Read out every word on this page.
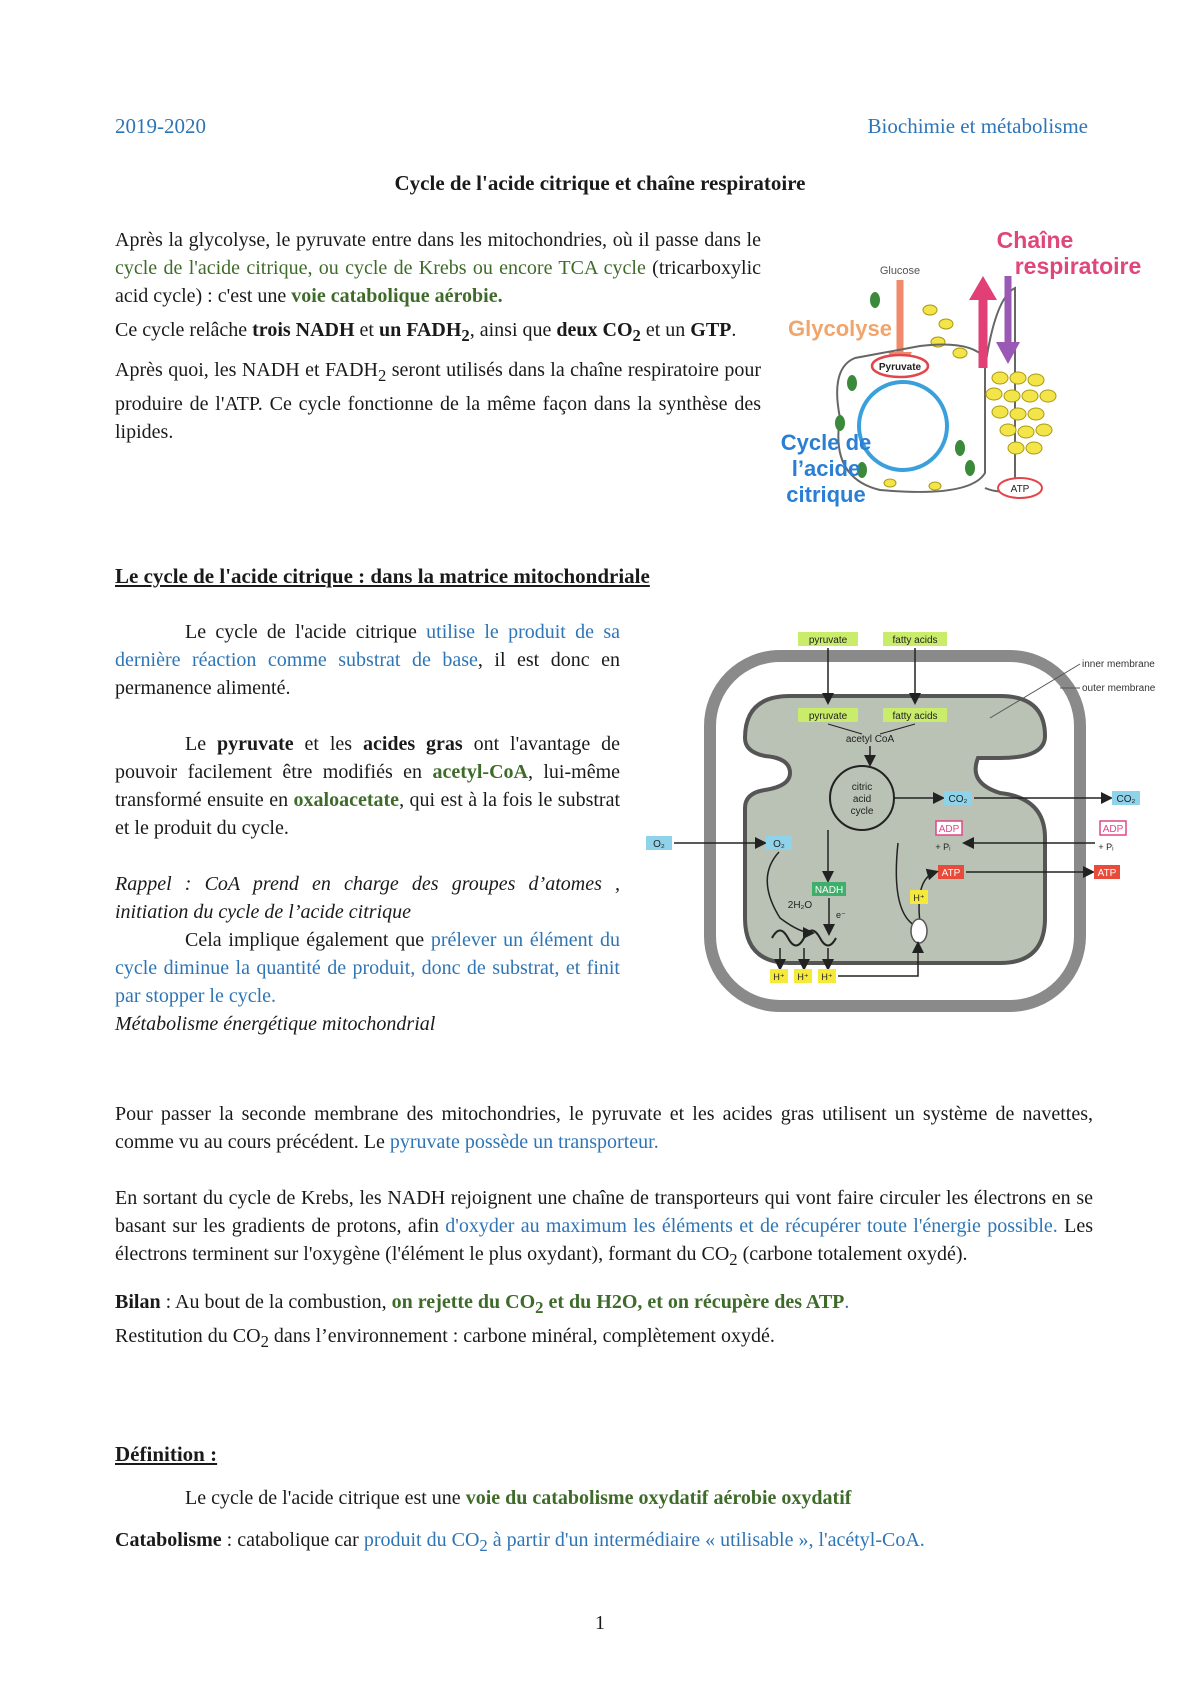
2019-2020	Biochimie et métabolisme
Cycle de l'acide citrique et chaîne respiratoire

Après la glycolyse, le pyruvate entre dans les mitochondries, où il passe dans le cycle de l'acide citrique, ou cycle de Krebs ou encore TCA cycle (tricarboxylic acid cycle) : c'est une voie catabolique aérobie.

Ce cycle relâche trois NADH et un $FADH_2$, ainsi que deux $CO_2$ et un GTP.

Après quoi, les NADH et $FADH_2$ seront utilisés dans la chaîne respiratoire pour produire de l'ATP. Ce cycle fonctionne de la même façon dans la synthèse des lipides.

Chaîne
respiratoire
Glucose
Glycolyse
Pyruvate
ATP
Cycle de
l’acide
citrique
Le cycle de l'acide citrique : dans la matrice mitochondriale

Le cycle de l'acide citrique utilise le produit de sa dernière réaction comme substrat de base, il est donc en permanence alimenté.

Le pyruvate et les acides gras ont l'avantage de pouvoir facilement être modifiés en acetyl-CoA, lui-même transformé ensuite en oxaloacetate, qui est à la fois le substrat et le produit du cycle.

Rappel : CoA prend en charge des groupes d’atomes , initiation du cycle de l’acide citrique

Cela implique également que prélever un élément du cycle diminue la quantité de produit, donc de substrat, et finit par stopper le cycle.

Métabolisme énergétique mitochondrial

pyruvate	fatty acids
inner membrane
outer membrane
pyruvate	fatty acids
acetyl CoA
citric
acid
cycle
CO₂	CO₂
O₂	O₂
2H₂O
ADP
+ Pᵢ
ADP
+ Pᵢ
ATP	ATP
H⁺
NADH
e⁻
H⁺ H⁺ H⁺

Pour passer la seconde membrane des mitochondries, le pyruvate et les acides gras utilisent un système de navettes, comme vu au cours précédent. Le pyruvate possède un transporteur.

En sortant du cycle de Krebs, les NADH rejoignent une chaîne de transporteurs qui vont faire circuler les électrons en se basant sur les gradients de protons, afin d'oxyder au maximum les éléments et de récupérer toute l'énergie possible. Les électrons terminent sur l'oxygène (l'élément le plus oxydant), formant du $CO_2$ (carbone totalement oxydé).

Bilan : Au bout de la combustion, on rejette du $CO_2$ et du H2O, et on récupère des ATP.

Restitution du $CO_2$ dans l’environnement : carbone minéral, complètement oxydé.

Définition :

Le cycle de l'acide citrique est une voie du catabolisme oxydatif aérobie oxydatif

Catabolisme : catabolique car produit du $CO_2$ à partir d'un intermédiaire « utilisable », l'acétyl-CoA.

1
